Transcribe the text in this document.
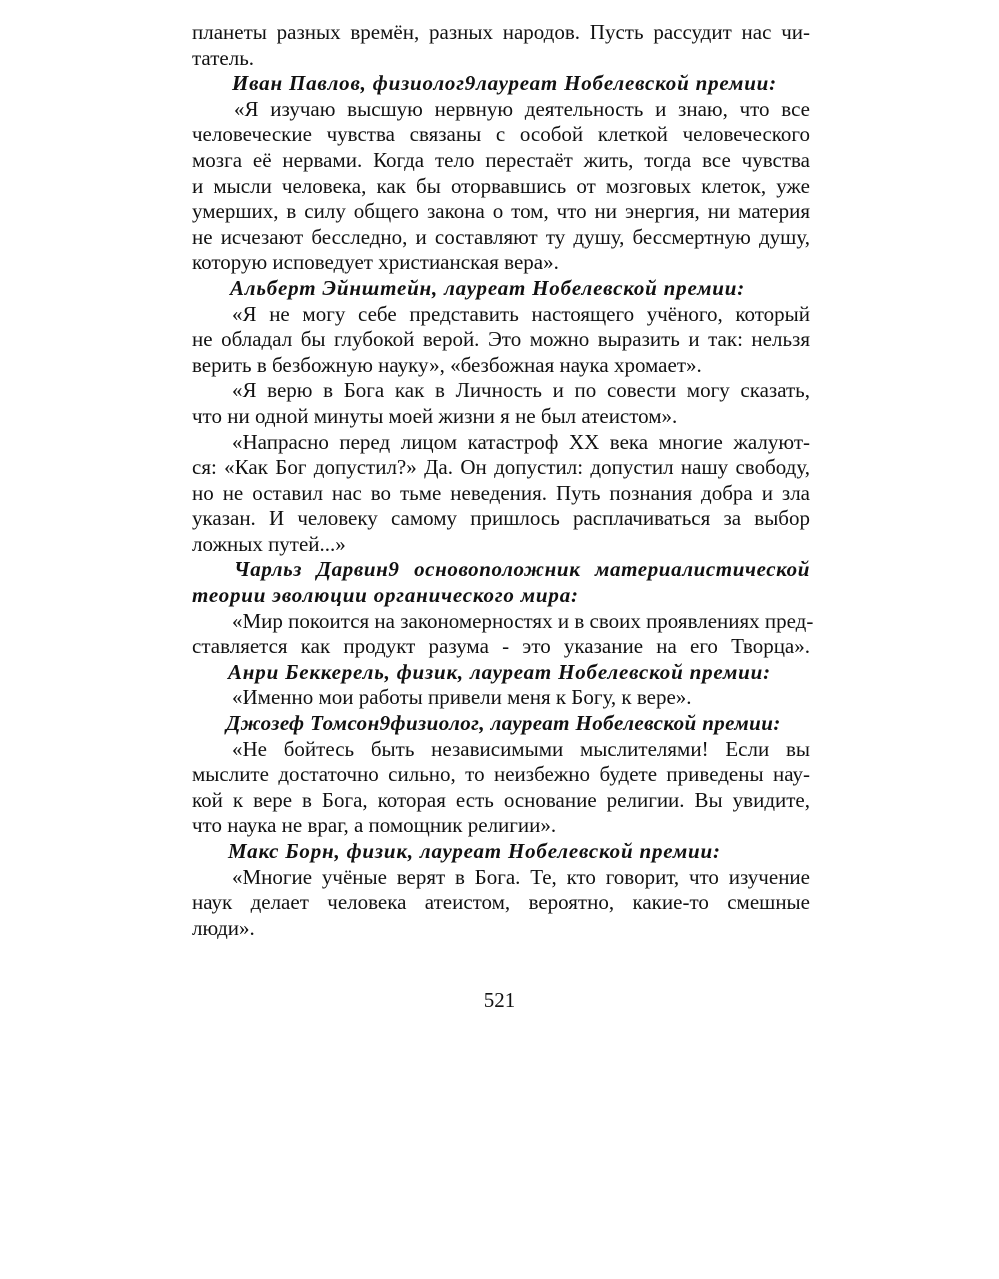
планеты разных времён, разных народов. Пусть рассудит нас чи-
татель.
Иван Павлов, физиолог9лауреат Нобелевской премии:
«Я изучаю высшую нервную деятельность и знаю, что все
человеческие чувства связаны с особой клеткой человеческого
мозга её нервами. Когда тело перестаёт жить, тогда все чувства
и мысли человека, как бы оторвавшись от мозговых клеток, уже
умерших, в силу общего закона о том, что ни энергия, ни материя
не исчезают бесследно, и составляют ту душу, бессмертную душу,
которую исповедует христианская вера».
Альберт Эйнштейн, лауреат Нобелевской премии:
«Я не могу себе представить настоящего учёного, который
не обладал бы глубокой верой. Это можно выразить и так: нельзя
верить в безбожную науку», «безбожная наука хромает».
«Я верю в Бога как в Личность и по совести могу сказать,
что ни одной минуты моей жизни я не был атеистом».
«Напрасно перед лицом катастроф XX века многие жалуют-
ся: «Как Бог допустил?» Да. Он допустил: допустил нашу свободу,
но не оставил нас во тьме неведения. Путь познания добра и зла
указан. И человеку самому пришлось расплачиваться за выбор
ложных путей...»
Чарльз Дарвин9 основоположник материалистической
теории эволюции органического мира:
«Мир покоится на закономерностях и в своих проявлениях пред-
ставляется как продукт разума - это указание на его Творца».
Анри Беккерель, физик, лауреат Нобелевской премии:
«Именно мои работы привели меня к Богу, к вере».
Джозеф Томсон9физиолог, лауреат Нобелевской премии:
«Не бойтесь быть независимыми мыслителями! Если вы
мыслите достаточно сильно, то неизбежно будете приведены нау-
кой к вере в Бога, которая есть основание религии. Вы увидите,
что наука не враг, а помощник религии».
Макс Борн, физик, лауреат Нобелевской премии:
«Многие учёные верят в Бога. Те, кто говорит, что изучение
наук делает человека атеистом, вероятно, какие-то смешные
люди».
521
